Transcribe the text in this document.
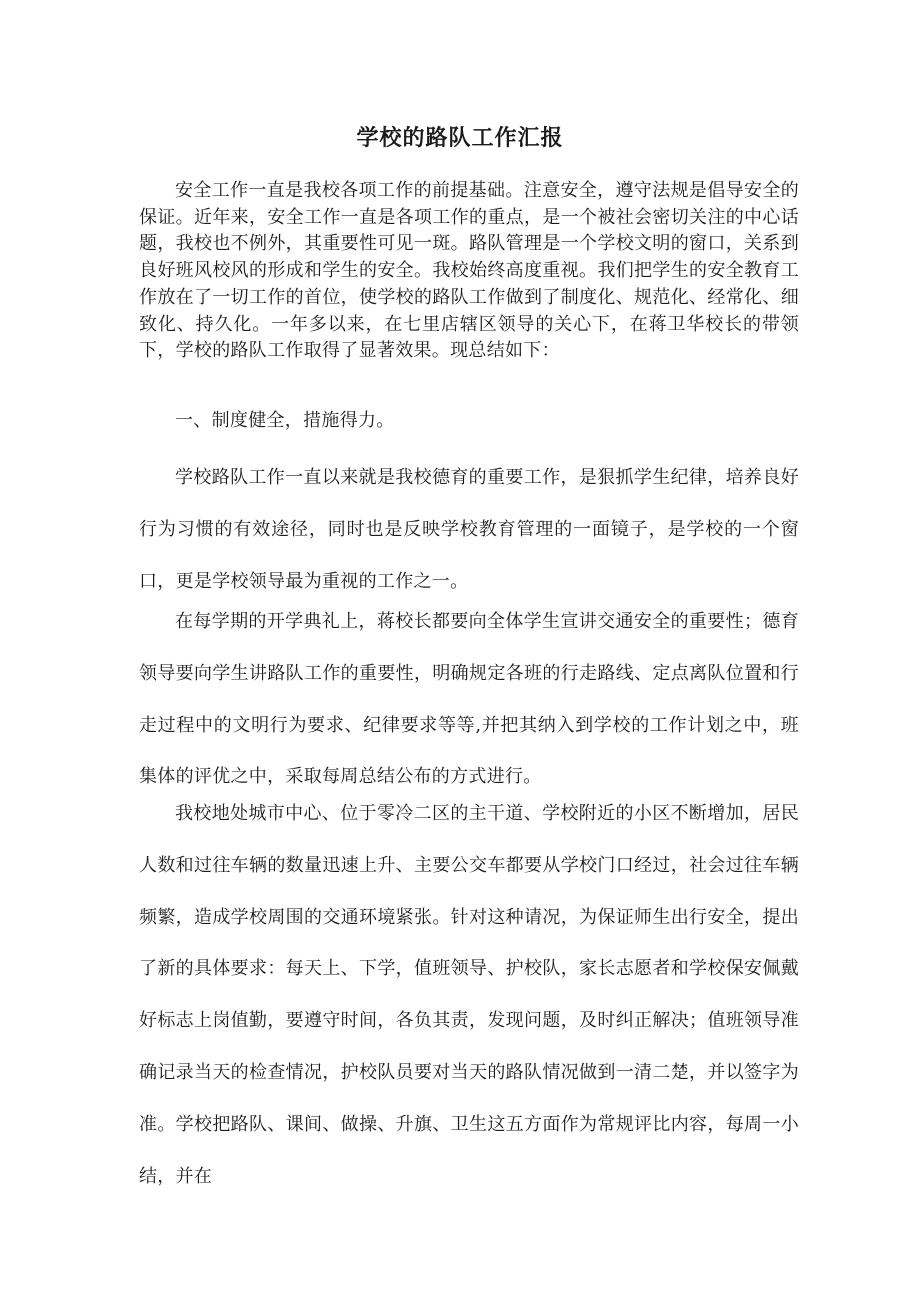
学校的路队工作汇报

安全工作一直是我校各项工作的前提基础。注意安全，遵守法规是倡导安全的保证。近年来，安全工作一直是各项工作的重点，是一个被社会密切关注的中心话题，我校也不例外，其重要性可见一斑。路队管理是一个学校文明的窗口，关系到良好班风校风的形成和学生的安全。我校始终高度重视。我们把学生的安全教育工作放在了一切工作的首位，使学校的路队工作做到了制度化、规范化、经常化、细致化、持久化。一年多以来，在七里店辖区领导的关心下，在蒋卫华校长的带领下，学校的路队工作取得了显著效果。现总结如下：

一、制度健全，措施得力。

学校路队工作一直以来就是我校德育的重要工作，是狠抓学生纪律，培养良好行为习惯的有效途径，同时也是反映学校教育管理的一面镜子，是学校的一个窗口，更是学校领导最为重视的工作之一。

在每学期的开学典礼上，蒋校长都要向全体学生宣讲交通安全的重要性；德育领导要向学生讲路队工作的重要性，明确规定各班的行走路线、定点离队位置和行走过程中的文明行为要求、纪律要求等等,并把其纳入到学校的工作计划之中，班集体的评优之中，采取每周总结公布的方式进行。

我校地处城市中心、位于零冷二区的主干道、学校附近的小区不断增加，居民人数和过往车辆的数量迅速上升、主要公交车都要从学校门口经过，社会过往车辆频繁，造成学校周围的交通环境紧张。针对这种请况，为保证师生出行安全，提出了新的具体要求：每天上、下学，值班领导、护校队，家长志愿者和学校保安佩戴好标志上岗值勤，要遵守时间，各负其责，发现问题，及时纠正解决；值班领导准确记录当天的检查情况，护校队员要对当天的路队情况做到一清二楚，并以签字为准。学校把路队、课间、做操、升旗、卫生这五方面作为常规评比内容，每周一小结，并在
